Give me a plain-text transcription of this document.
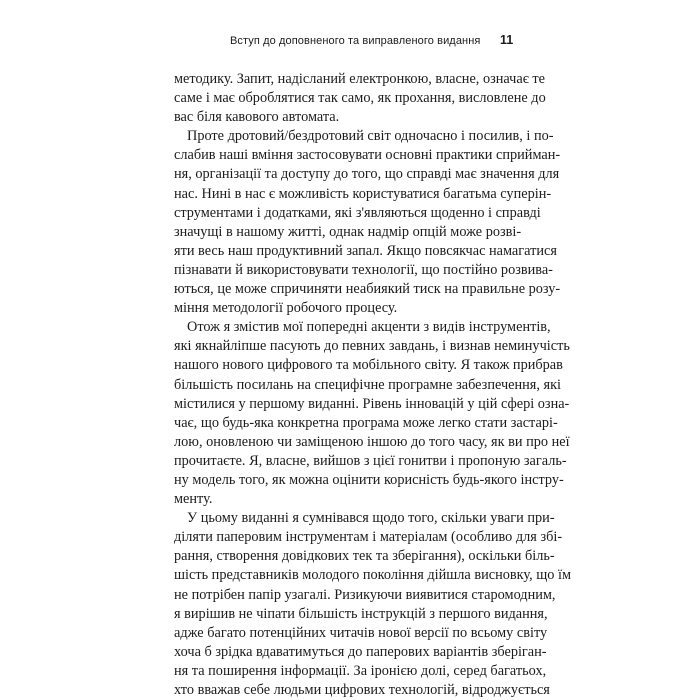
Вступ до доповненого та виправленого видання 11

методику. Запит, надісланий електронкою, власне, означає те
саме і має оброблятися так само, як прохання, висловлене до
вас біля кавового автомата.

Проте дротовий/бездротовий світ одночасно і посилив, і по-
слабив наші вміння застосовувати основні практики сприйман-
ня, організації та доступу до того, що справді має значення для
нас. Нині в нас є можливість користуватися багатьма суперін-
струментами і додатками, які з'являються щоденно і справді
значущі в нашому житті, однак надмір опцій може розві-
яти весь наш продуктивний запал. Якщо повсякчас намагатися
пізнавати й використовувати технології, що постійно розвива-
ються, це може спричиняти неабиякий тиск на правильне розу-
міння методології робочого процесу.

Отож я змістив мої попередні акценти з видів інструментів,
які якнайліпше пасують до певних завдань, і визнав неминучість
нашого нового цифрового та мобільного світу. Я також прибрав
більшість посилань на специфічне програмне забезпечення, які
містилися у першому виданні. Рівень інновацій у цій сфері озна-
чає, що будь-яка конкретна програма може легко стати застарі-
лою, оновленою чи заміщеною іншою до того часу, як ви про неї
прочитаєте. Я, власне, вийшов з цієї гонитви і пропоную загаль-
ну модель того, як можна оцінити корисність будь-якого інстру-
менту.

У цьому виданні я сумнівався щодо того, скільки уваги при-
діляти паперовим інструментам і матеріалам (особливо для збі-
рання, створення довідкових тек та зберігання), оскільки біль-
шість представників молодого покоління дійшла висновку, що їм
не потрібен папір узагалі. Ризикуючи виявитися старомодним,
я вирішив не чіпати більшість інструкцій з першого видання,
адже багато потенційних читачів нової версії по всьому світу
хоча б зрідка вдаватимуться до паперових варіантів зберіган-
ня та поширення інформації. За іронією долі, серед багатьох,
хто вважав себе людьми цифрових технологій, відроджується
